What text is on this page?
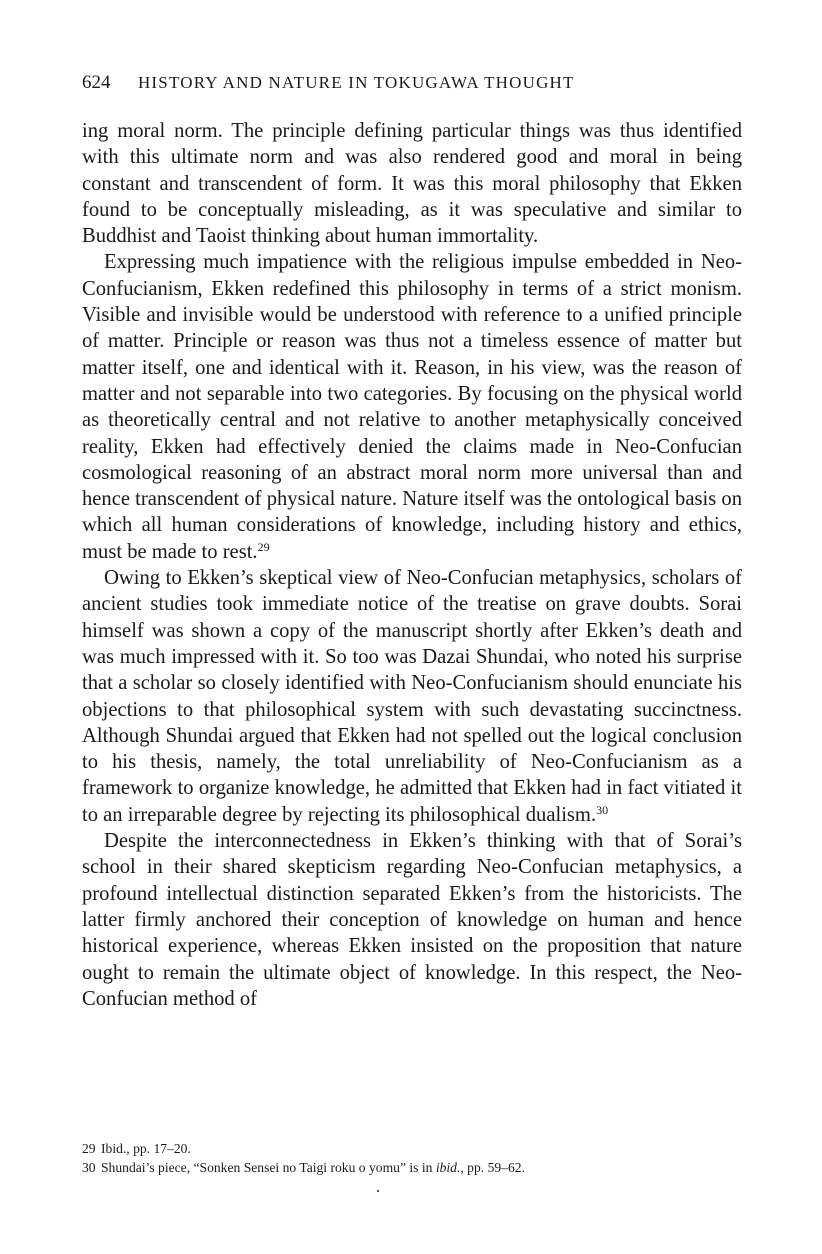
624 HISTORY AND NATURE IN TOKUGAWA THOUGHT

ing moral norm. The principle defining particular things was thus identified with this ultimate norm and was also rendered good and moral in being constant and transcendent of form. It was this moral philosophy that Ekken found to be conceptually misleading, as it was speculative and similar to Buddhist and Taoist thinking about human immortality.

Expressing much impatience with the religious impulse embedded in Neo-Confucianism, Ekken redefined this philosophy in terms of a strict monism. Visible and invisible would be understood with reference to a unified principle of matter. Principle or reason was thus not a timeless essence of matter but matter itself, one and identical with it. Reason, in his view, was the reason of matter and not separable into two categories. By focusing on the physical world as theoretically central and not relative to another metaphysically conceived reality, Ekken had effectively denied the claims made in Neo-Confucian cosmological reasoning of an abstract moral norm more universal than and hence transcendent of physical nature. Nature itself was the ontological basis on which all human considerations of knowledge, including history and ethics, must be made to rest.$^{29}$

Owing to Ekken’s skeptical view of Neo-Confucian metaphysics, scholars of ancient studies took immediate notice of the treatise on grave doubts. Sorai himself was shown a copy of the manuscript shortly after Ekken’s death and was much impressed with it. So too was Dazai Shundai, who noted his surprise that a scholar so closely identified with Neo-Confucianism should enunciate his objections to that philosophical system with such devastating succinctness. Although Shundai argued that Ekken had not spelled out the logical conclusion to his thesis, namely, the total unreliability of Neo-Confucianism as a framework to organize knowledge, he admitted that Ekken had in fact vitiated it to an irreparable degree by rejecting its philosophical dualism.$^{30}$

Despite the interconnectedness in Ekken’s thinking with that of Sorai’s school in their shared skepticism regarding Neo-Confucian metaphysics, a profound intellectual distinction separated Ekken’s from the historicists. The latter firmly anchored their conception of knowledge on human and hence historical experience, whereas Ekken insisted on the proposition that nature ought to remain the ultimate object of knowledge. In this respect, the Neo-Confucian method of

29 Ibid., pp. 17–20.

30 Shundai’s piece, “Sonken Sensei no Taigi roku o yomu” is in ibid., pp. 59–62.
